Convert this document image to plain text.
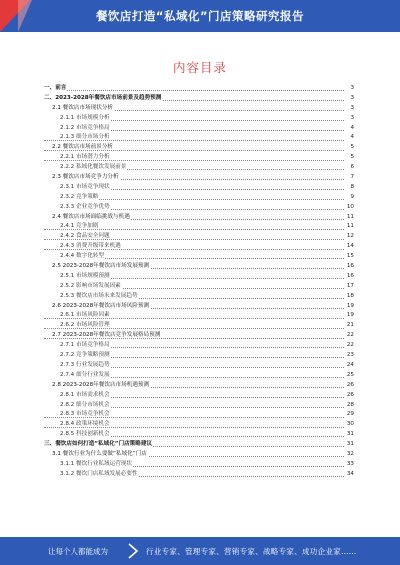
餐饮店打造“私域化”门店策略研究报告
内容目录
一、前言	3
二、2023-2028年餐饮店市场前景及趋势预测	3
2.1 餐饮店市场现状分析	3
2.1.1 市场规模分析	3
2.1.2 市场竞争格局	4
2.1.3 细分市场分析	4
2.2 餐饮店市场前景分析	5
2.2.1 市场潜力分析	5
2.2.2 私域化餐饮发展前景	6
2.3 餐饮店市场竞争力分析	7
2.3.1 市场竞争现状	8
2.3.2 竞争策略	9
2.3.3 企业竞争优势	10
2.4 餐饮店市场面临挑战与机遇	11
2.4.1 竞争加剧	11
2.4.2 食品安全问题	12
2.4.3 消费升级带来机遇	14
2.4.4 数字化转型	15
2.5 2023-2028年餐饮店市场发展预测	16
2.5.1 市场规模预测	16
2.5.2 影响市场发展因素	17
2.5.3 餐饮店市场未来发展趋势	18
2.6 2023-2028年餐饮店市场风险预测	19
2.6.1 市场风险因素	19
2.6.2 市场风险管理	21
2.7 2023-2028年餐饮店竞争发展格局预测	22
2.7.1 市场竞争格局	22
2.7.2 竞争策略预测	23
2.7.3 行业发展趋势	24
2.7.4 细分行业发展	25
2.8 2023-2028年餐饮店市场机遇预测	26
2.8.1 市场需求机会	26
2.8.2 细分市场机会	28
2.8.3 市场竞争机会	29
2.8.4 政策环境机会	30
2.8.5 科技创新机会	31
三、餐饮店如何打造“私域化”门店策略建议	31
3.1 餐饮行业为什么要做“私域化”门店	32
3.1.1 餐饮行业私域运营现状	33
3.1.2 餐饮门店私域发展必要性	34
让每个人都能成为	行业专家、管理专家、营销专家、战略专家、成功企业家……
